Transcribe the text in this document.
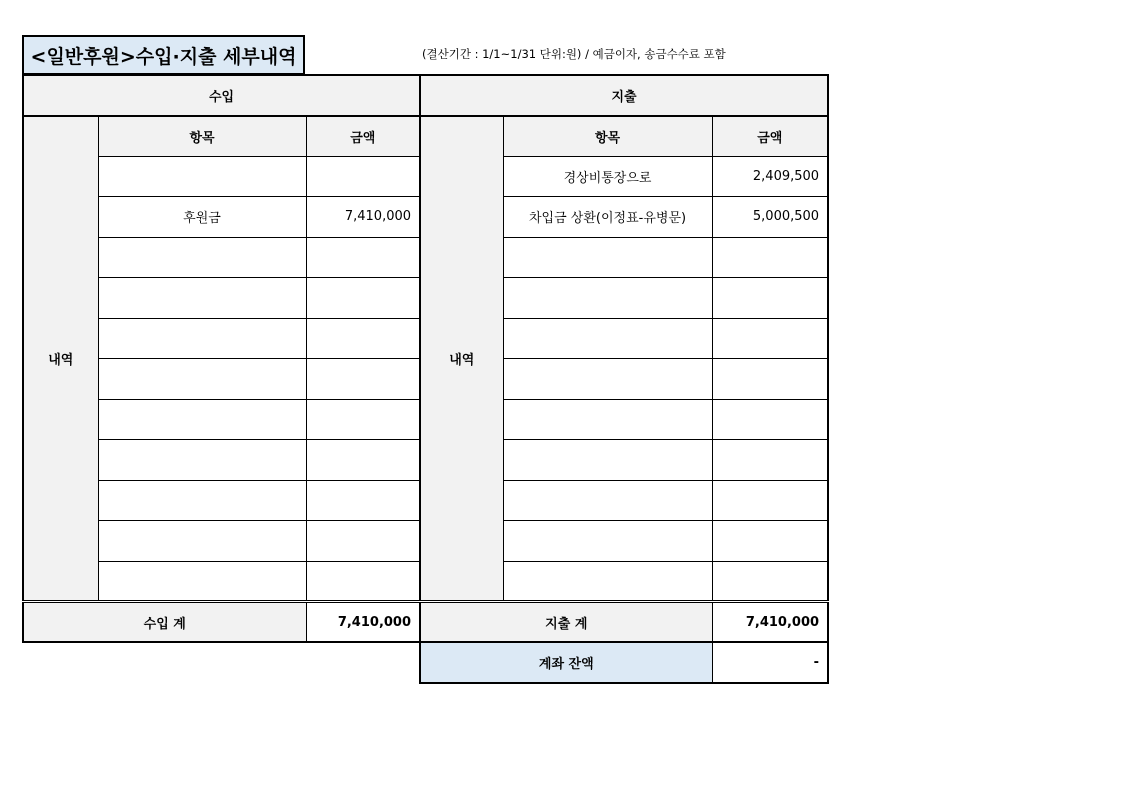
<일반후원>수입·지출 세부내역	(결산기간 : 1/1~1/31 단위:원) / 예금이자, 송금수수료 포함
수입			지출		
내역	항목	금액	내역	항목	금액
				경상비통장으로	2,409,500
	후원금	7,410,000		차입금 상환(이정표-유병문)	5,000,500

수입 계		7,410,000	지출 계		7,410,000
			계좌 잔액		-
